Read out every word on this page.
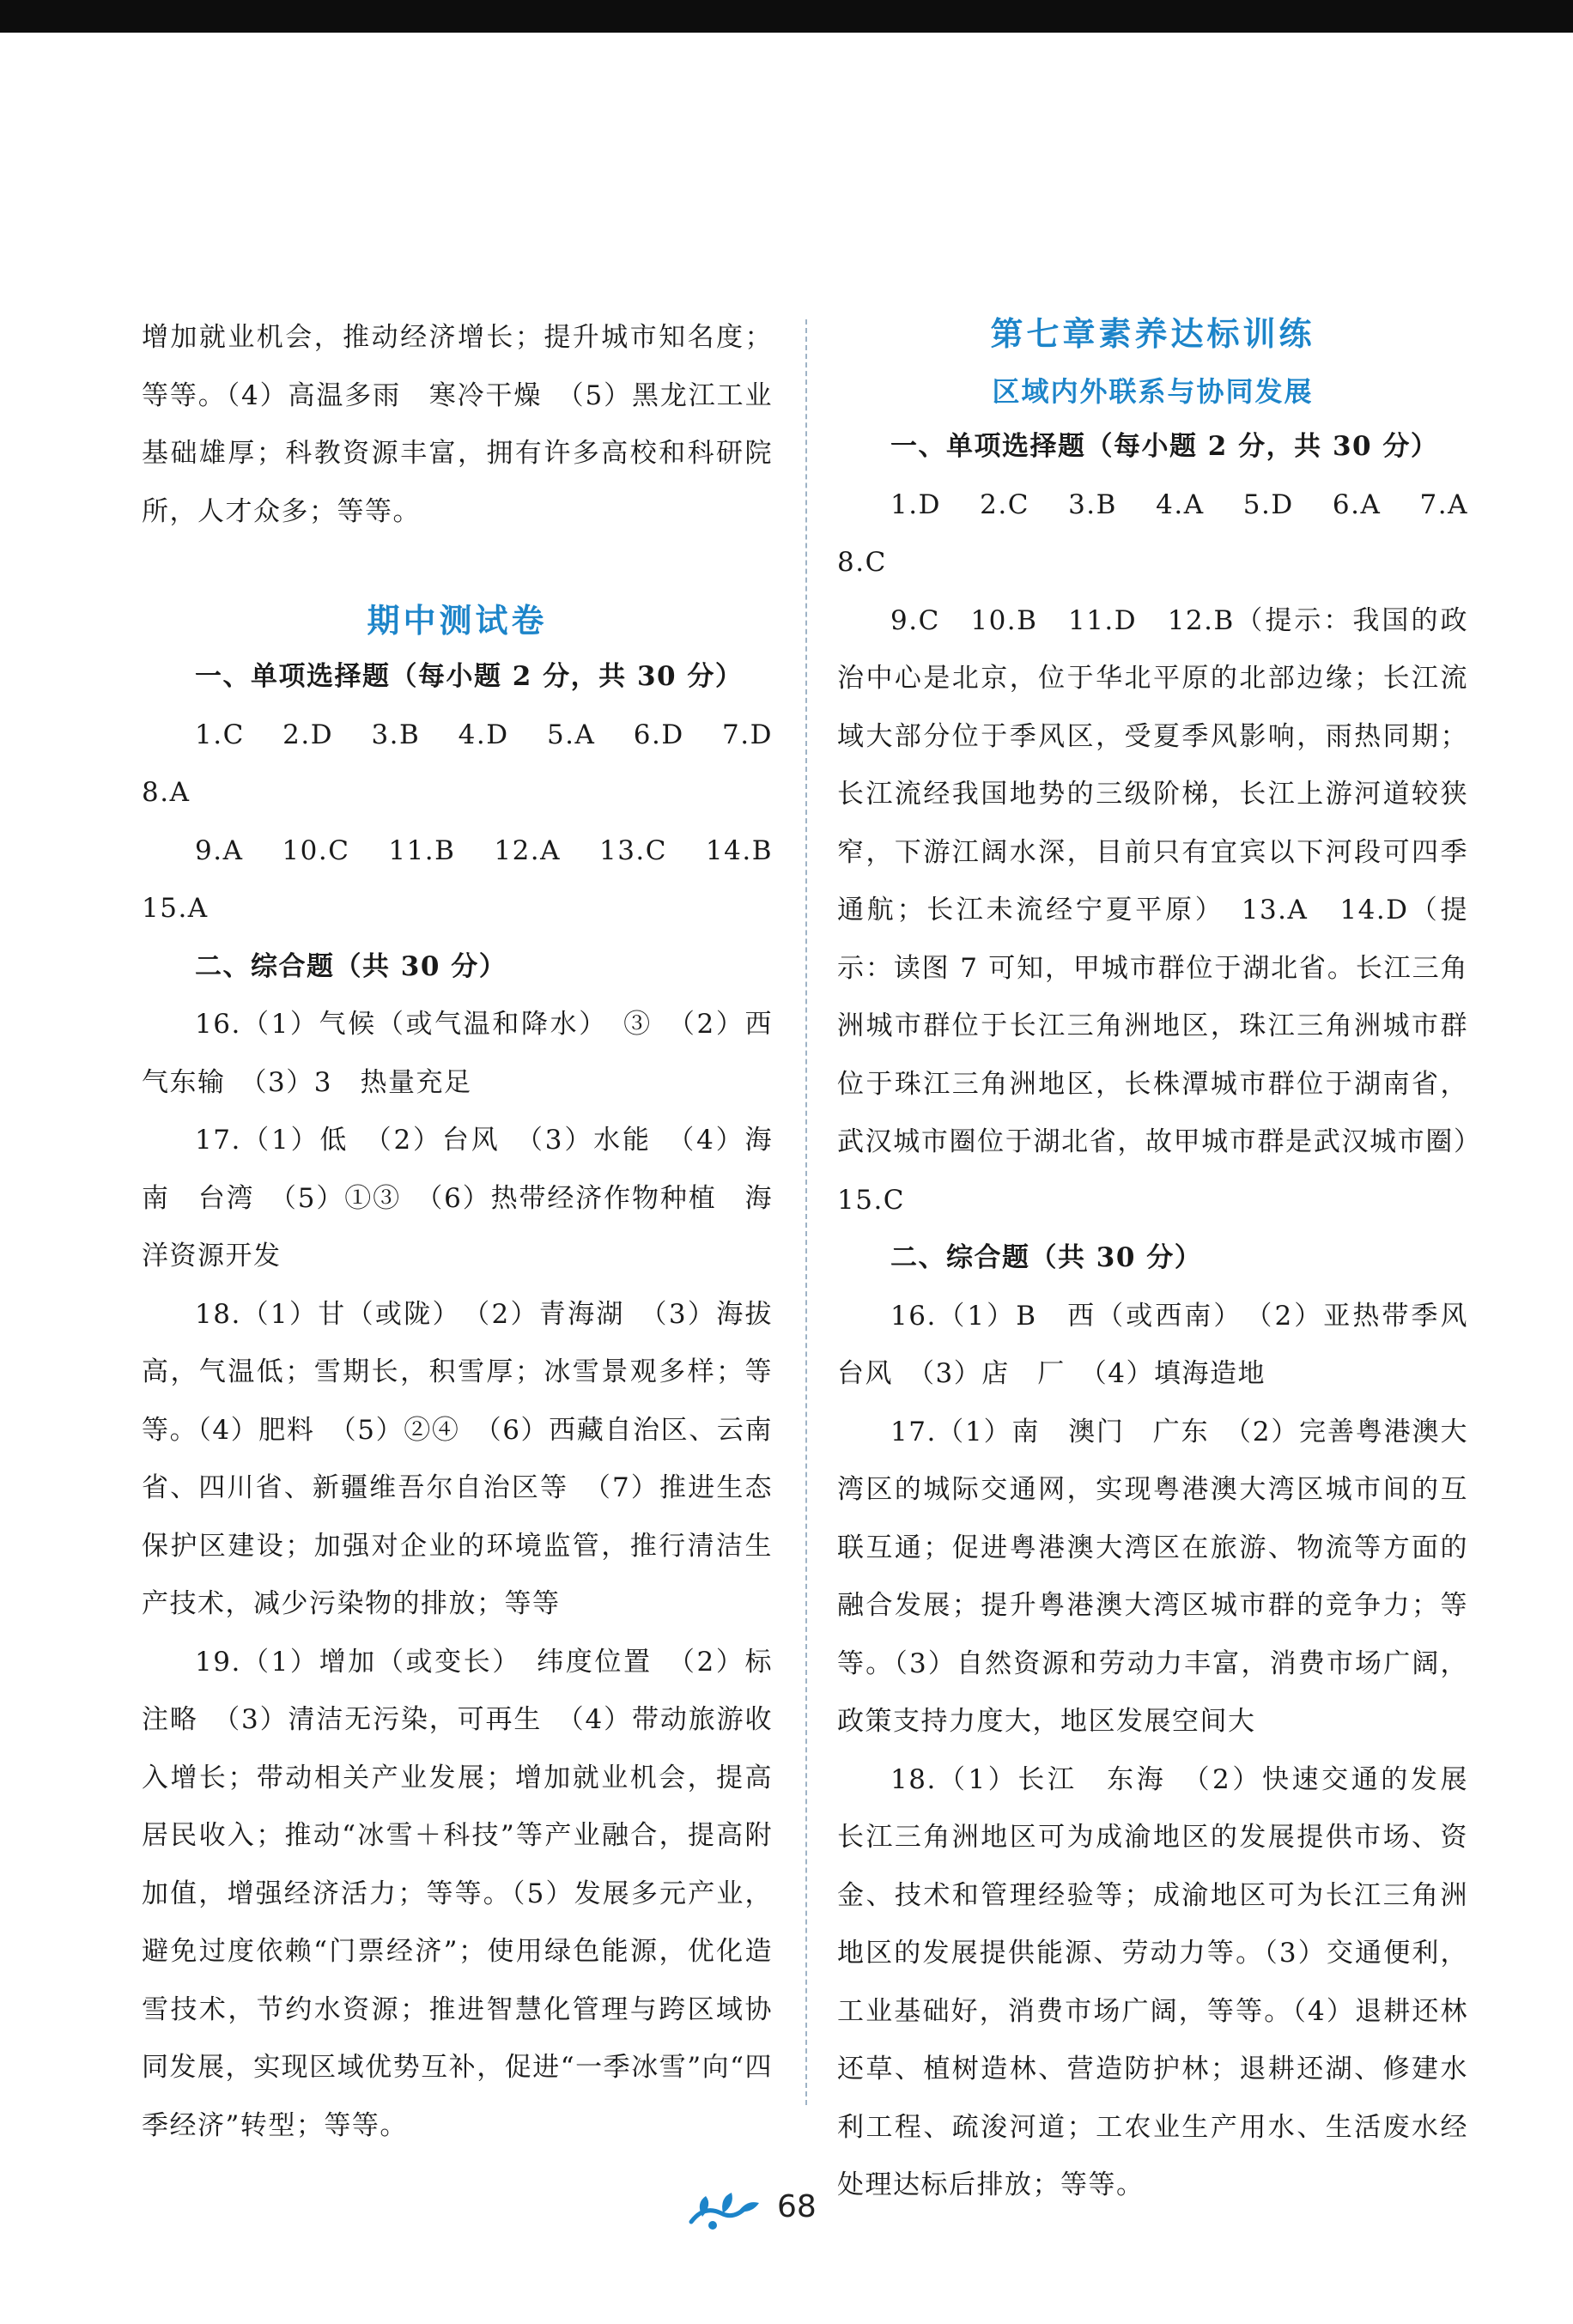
增加就业机会，推动经济增长；提升城市知名度；等等。（4）高温多雨　寒冷干燥　（5）黑龙江工业基础雄厚；科教资源丰富，拥有许多高校和科研院所，人才众多；等等。

期中测试卷

一、单项选择题（每小题 2 分，共 30 分）

1.C　2.D　3.B　4.D　5.A　6.D　7.D　8.A

9.A　10.C　11.B　12.A　13.C　14.B　15.A

二、综合题（共 30 分）

16.（1）气候（或气温和降水）　③　（2）西气东输　（3）3　热量充足

17.（1）低　（2）台风　（3）水能　（4）海南　台湾　（5）①③　（6）热带经济作物种植　海洋资源开发

18.（1）甘（或陇）　（2）青海湖　（3）海拔高，气温低；雪期长，积雪厚；冰雪景观多样；等等。（4）肥料　（5）②④　（6）西藏自治区、云南省、四川省、新疆维吾尔自治区等　（7）推进生态保护区建设；加强对企业的环境监管，推行清洁生产技术，减少污染物的排放；等等

19.（1）增加（或变长）　纬度位置　（2）标注略　（3）清洁无污染，可再生　（4）带动旅游收入增长；带动相关产业发展；增加就业机会，提高居民收入；推动“冰雪＋科技”等产业融合，提高附加值，增强经济活力；等等。（5）发展多元产业，避免过度依赖“门票经济”；使用绿色能源，优化造雪技术，节约水资源；推进智慧化管理与跨区域协同发展，实现区域优势互补，促进“一季冰雪”向“四季经济”转型；等等。

第七章素养达标训练
区域内外联系与协同发展

一、单项选择题（每小题 2 分，共 30 分）

1.D　2.C　3.B　4.A　5.D　6.A　7.A　8.C

9.C　10.B　11.D　12.B（提示：我国的政治中心是北京，位于华北平原的北部边缘；长江流域大部分位于季风区，受夏季风影响，雨热同期；长江流经我国地势的三级阶梯，长江上游河道较狭窄，下游江阔水深，目前只有宜宾以下河段可四季通航；长江未流经宁夏平原）　13.A　14.D（提示：读图 7 可知，甲城市群位于湖北省。长江三角洲城市群位于长江三角洲地区，珠江三角洲城市群位于珠江三角洲地区，长株潭城市群位于湖南省，武汉城市圈位于湖北省，故甲城市群是武汉城市圈）　15.C

二、综合题（共 30 分）

16.（1）B　西（或西南）　（2）亚热带季风　台风　（3）店　厂　（4）填海造地

17.（1）南　澳门　广东　（2）完善粤港澳大湾区的城际交通网，实现粤港澳大湾区城市间的互联互通；促进粤港澳大湾区在旅游、物流等方面的融合发展；提升粤港澳大湾区城市群的竞争力；等等。（3）自然资源和劳动力丰富，消费市场广阔，政策支持力度大，地区发展空间大

18.（1）长江　东海　（2）快速交通的发展　长江三角洲地区可为成渝地区的发展提供市场、资金、技术和管理经验等；成渝地区可为长江三角洲地区的发展提供能源、劳动力等。（3）交通便利，工业基础好，消费市场广阔，等等。（4）退耕还林还草、植树造林、营造防护林；退耕还湖、修建水利工程、疏浚河道；工农业生产用水、生活废水经处理达标后排放；等等。

68
